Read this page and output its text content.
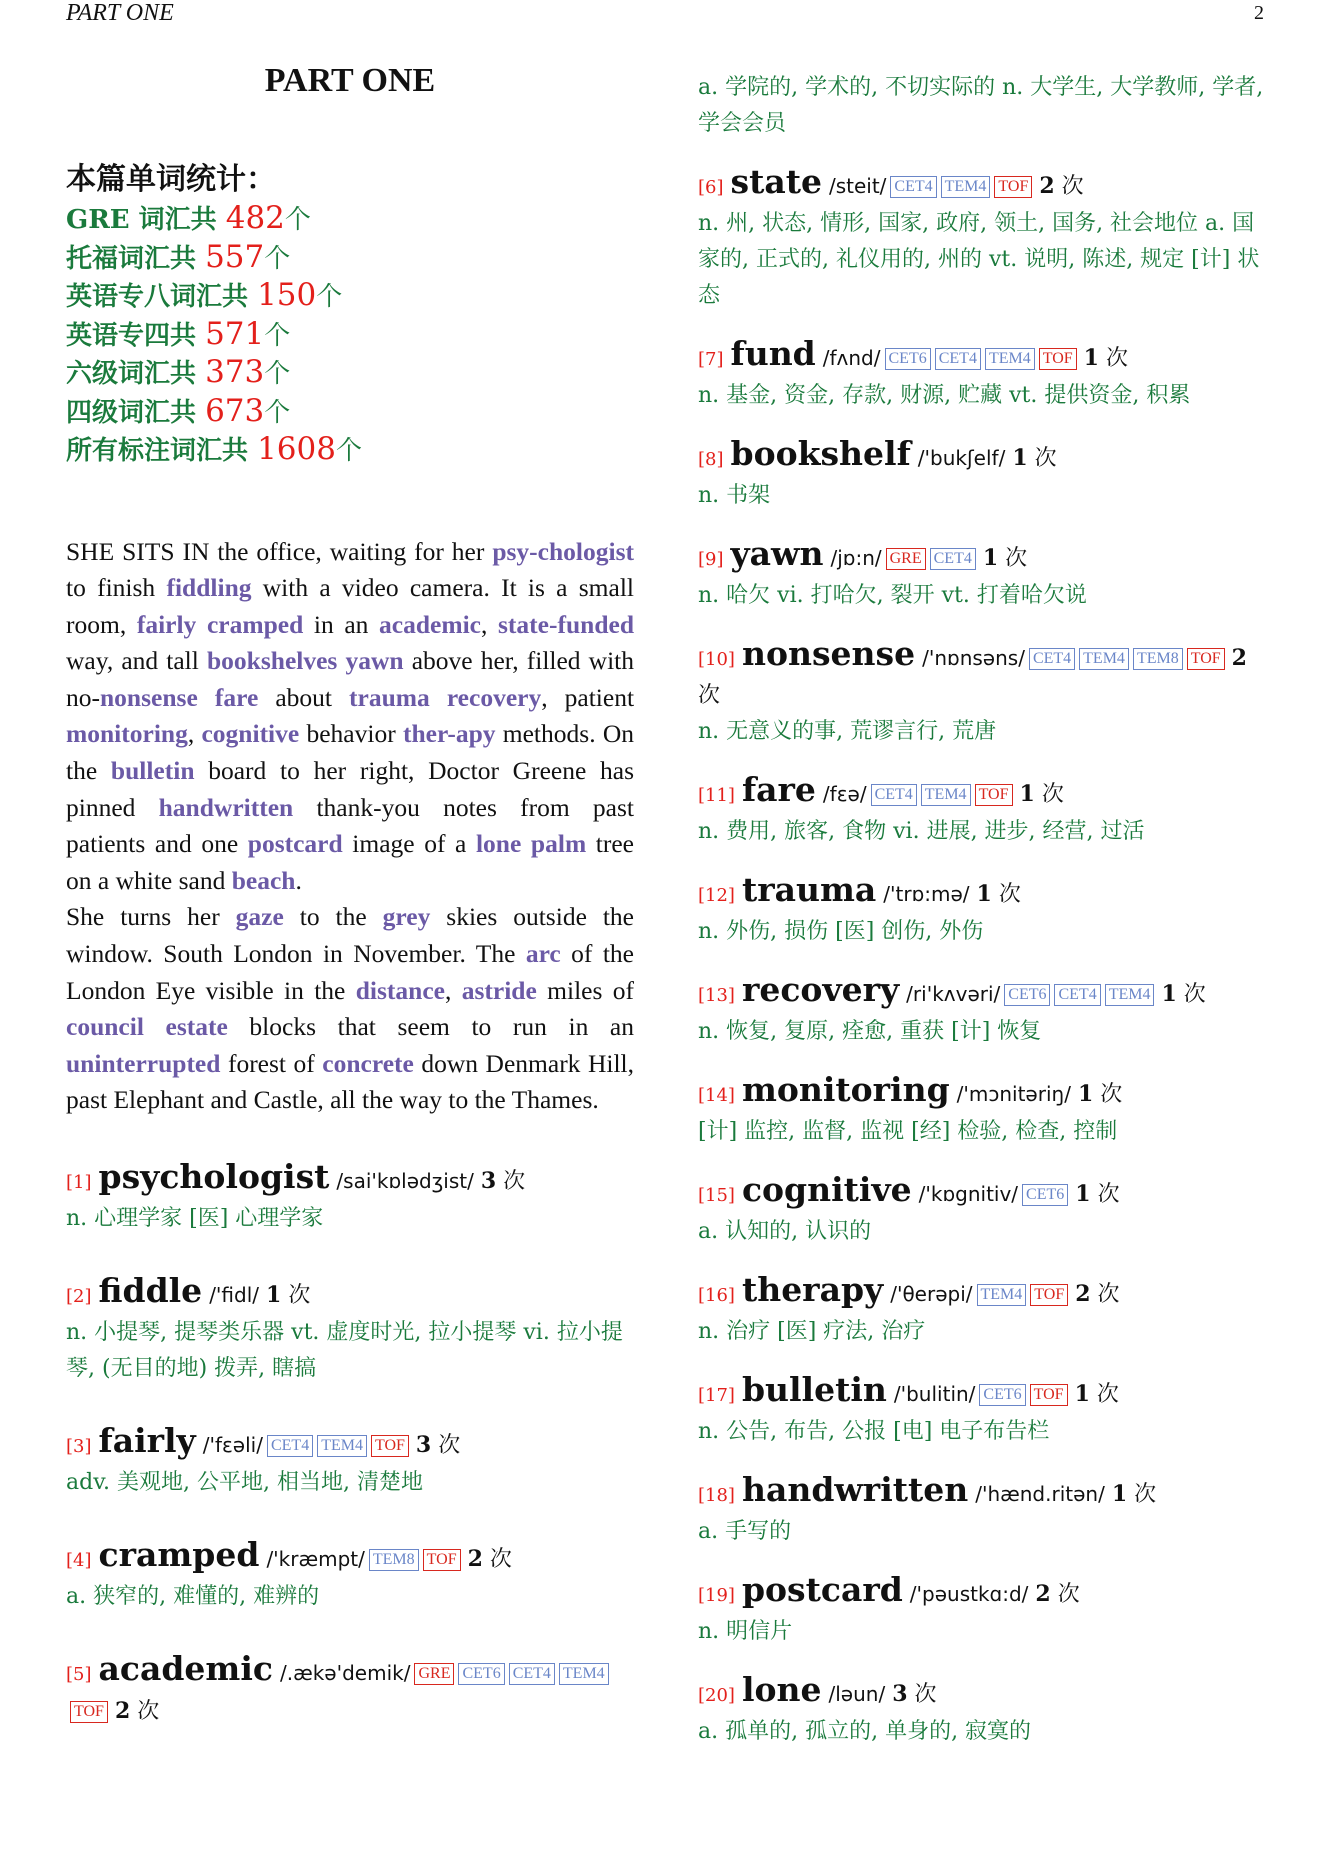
PART ONE	2
PART ONE
本篇单词统计：
GRE 词汇共 482个
托福词汇共 557个
英语专八词汇共 150个
英语专四共 571个
六级词汇共 373个
四级词汇共 673个
所有标注词汇共 1608个
SHE SITS IN the office, waiting for her psy-chologist to finish fiddling with a video camera. It is a small room, fairly cramped in an academic, state-funded way, and tall bookshelves yawn above her, filled with no-nonsense fare about trauma recovery, patient monitoring, cognitive behavior ther-apy methods. On the bulletin board to her right, Doctor Greene has pinned handwritten thank-you notes from past patients and one postcard image of a lone palm tree on a white sand beach.
She turns her gaze to the grey skies outside the window. South London in November. The arc of the London Eye visible in the distance, astride miles of council estate blocks that seem to run in an uninterrupted forest of concrete down Denmark Hill, past Elephant and Castle, all the way to the Thames.
[1] psychologist /sai'kɒlədʒist/ 3 次
n. 心理学家 [医] 心理学家
[2] fiddle /'fidl/ 1 次
n. 小提琴, 提琴类乐器 vt. 虚度时光, 拉小提琴 vi. 拉小提琴, (无目的地) 拨弄, 瞎搞
[3] fairly /'fεəli/ CET4 TEM4 TOF 3 次
adv. 美观地, 公平地, 相当地, 清楚地
[4] cramped /'kræmpt/ TEM8 TOF 2 次
a. 狭窄的, 难懂的, 难辨的
[5] academic /.ækə'demik/ GRE CET6 CET4 TEM4TOF 2 次
a. 学院的, 学术的, 不切实际的 n. 大学生, 大学教师, 学者, 学会会员
[6] state /steit/ CET4 TEM4 TOF 2 次
n. 州, 状态, 情形, 国家, 政府, 领土, 国务, 社会地位 a. 国家的, 正式的, 礼仪用的, 州的 vt. 说明, 陈述, 规定 [计] 状态
[7] fund /fʌnd/ CET6 CET4 TEM4 TOF 1 次
n. 基金, 资金, 存款, 财源, 贮藏 vt. 提供资金, 积累
[8] bookshelf /'bukʃelf/ 1 次
n. 书架
[9] yawn /jɒ:n/ GRE CET4 1 次
n. 哈欠 vi. 打哈欠, 裂开 vt. 打着哈欠说
[10] nonsense /'nɒnsəns/ CET4 TEM4 TEM8 TOF 2 次
n. 无意义的事, 荒谬言行, 荒唐
[11] fare /fεə/ CET4 TEM4 TOF 1 次
n. 费用, 旅客, 食物 vi. 进展, 进步, 经营, 过活
[12] trauma /'trɒ:mə/ 1 次
n. 外伤, 损伤 [医] 创伤, 外伤
[13] recovery /ri'kʌvəri/ CET6 CET4 TEM4 1 次
n. 恢复, 复原, 痊愈, 重获 [计] 恢复
[14] monitoring /'mɔnitəriŋ/ 1 次
[计] 监控, 监督, 监视 [经] 检验, 检查, 控制
[15] cognitive /'kɒgnitiv/ CET6 1 次
a. 认知的, 认识的
[16] therapy /'θerəpi/ TEM4 TOF 2 次
n. 治疗 [医] 疗法, 治疗
[17] bulletin /'bulitin/ CET6 TOF 1 次
n. 公告, 布告, 公报 [电] 电子布告栏
[18] handwritten /'hænd.ritən/ 1 次
a. 手写的
[19] postcard /'pəustkɑ:d/ 2 次
n. 明信片
[20] lone /ləun/ 3 次
a. 孤单的, 孤立的, 单身的, 寂寞的
